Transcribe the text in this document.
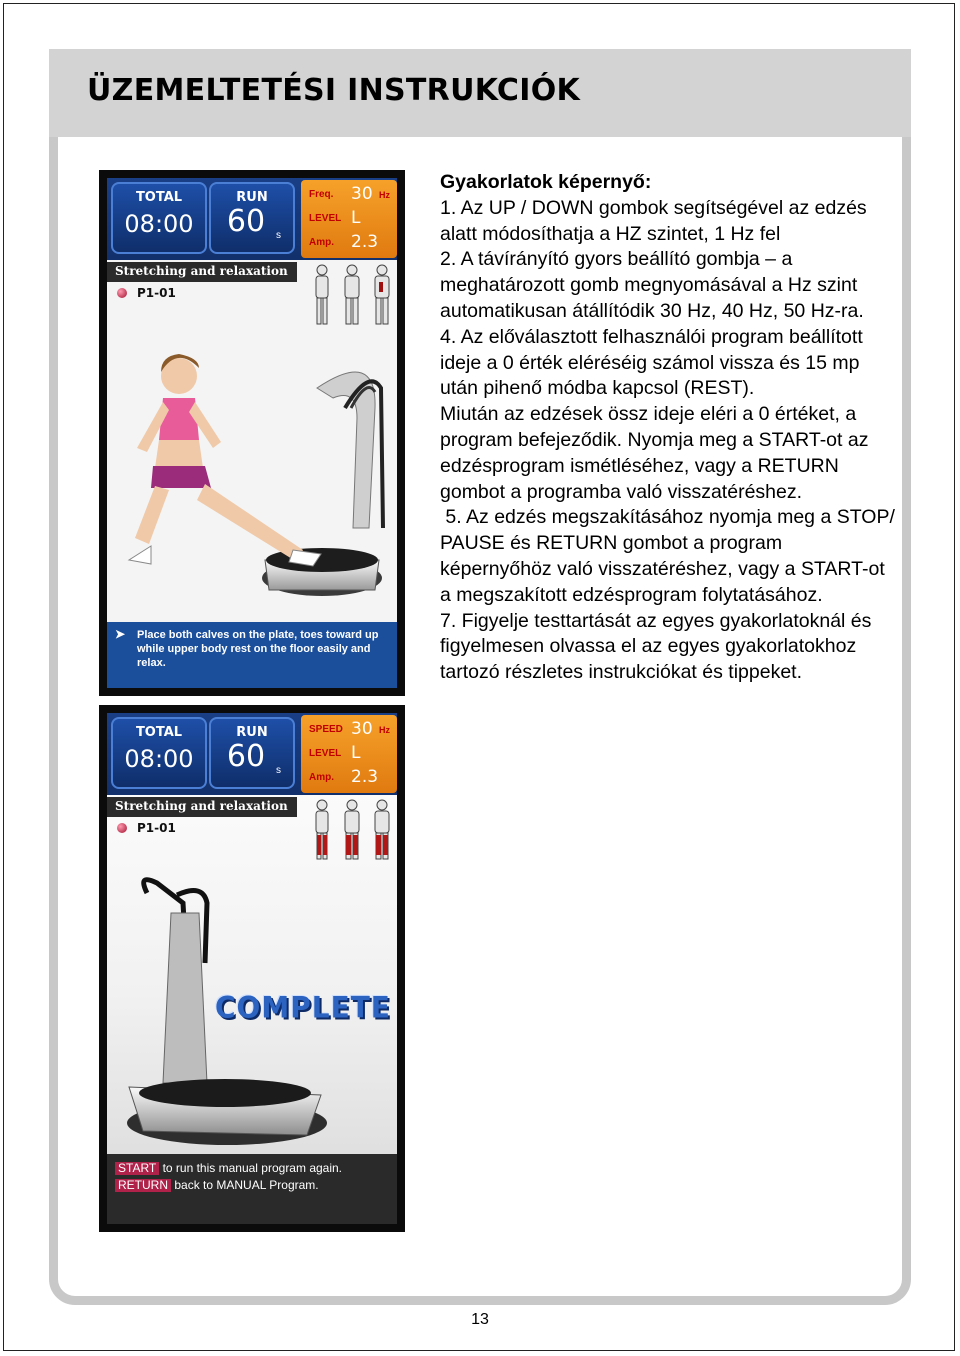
ÜZEMELTETÉSI INSTRUKCIÓK
TOTAL
08:00
RUN
60	s
Freq. 30 Hz
LEVEL L
Amp. 2.3
Stretching and relaxation
P1-01
➤ Place both calves on the plate, toes toward up while upper body rest on the floor easily and relax.
TOTAL
08:00
RUN
60	s
SPEED 30 Hz
LEVEL L
Amp. 2.3
Stretching and relaxation
P1-01
COMPLETE
START to run this manual program again.
RETURN back to MANUAL Program.
Gyakorlatok képernyő:
1. Az UP / DOWN gombok segítségével az edzés alatt módosíthatja a HZ szintet, 1 Hz fel
2. A távírányító gyors beállító gombja – a meghatározott gomb megnyomásával a Hz szint automatikusan átállítódik 30 Hz, 40 Hz, 50 Hz-ra.
4. Az előválasztott felhasználói program beállított ideje a 0 érték eléréséig számol vissza és 15 mp után pihenő módba kapcsol (REST).
Miután az edzések össz ideje eléri a 0 értéket, a program befejeződik. Nyomja meg a START-ot az edzésprogram ismétléséhez, vagy a RETURN gombot a programba való visszatéréshez.
5. Az edzés megszakításához nyomja meg a STOP/ PAUSE és RETURN gombot a program képernyőhöz való visszatéréshez, vagy a START-ot a megszakított edzésprogram folytatásához.
7. Figyelje testtartását az egyes gyakorlatoknál és figyelmesen olvassa el az egyes gyakorlatokhoz tartozó részletes instrukciókat és tippeket.
13
